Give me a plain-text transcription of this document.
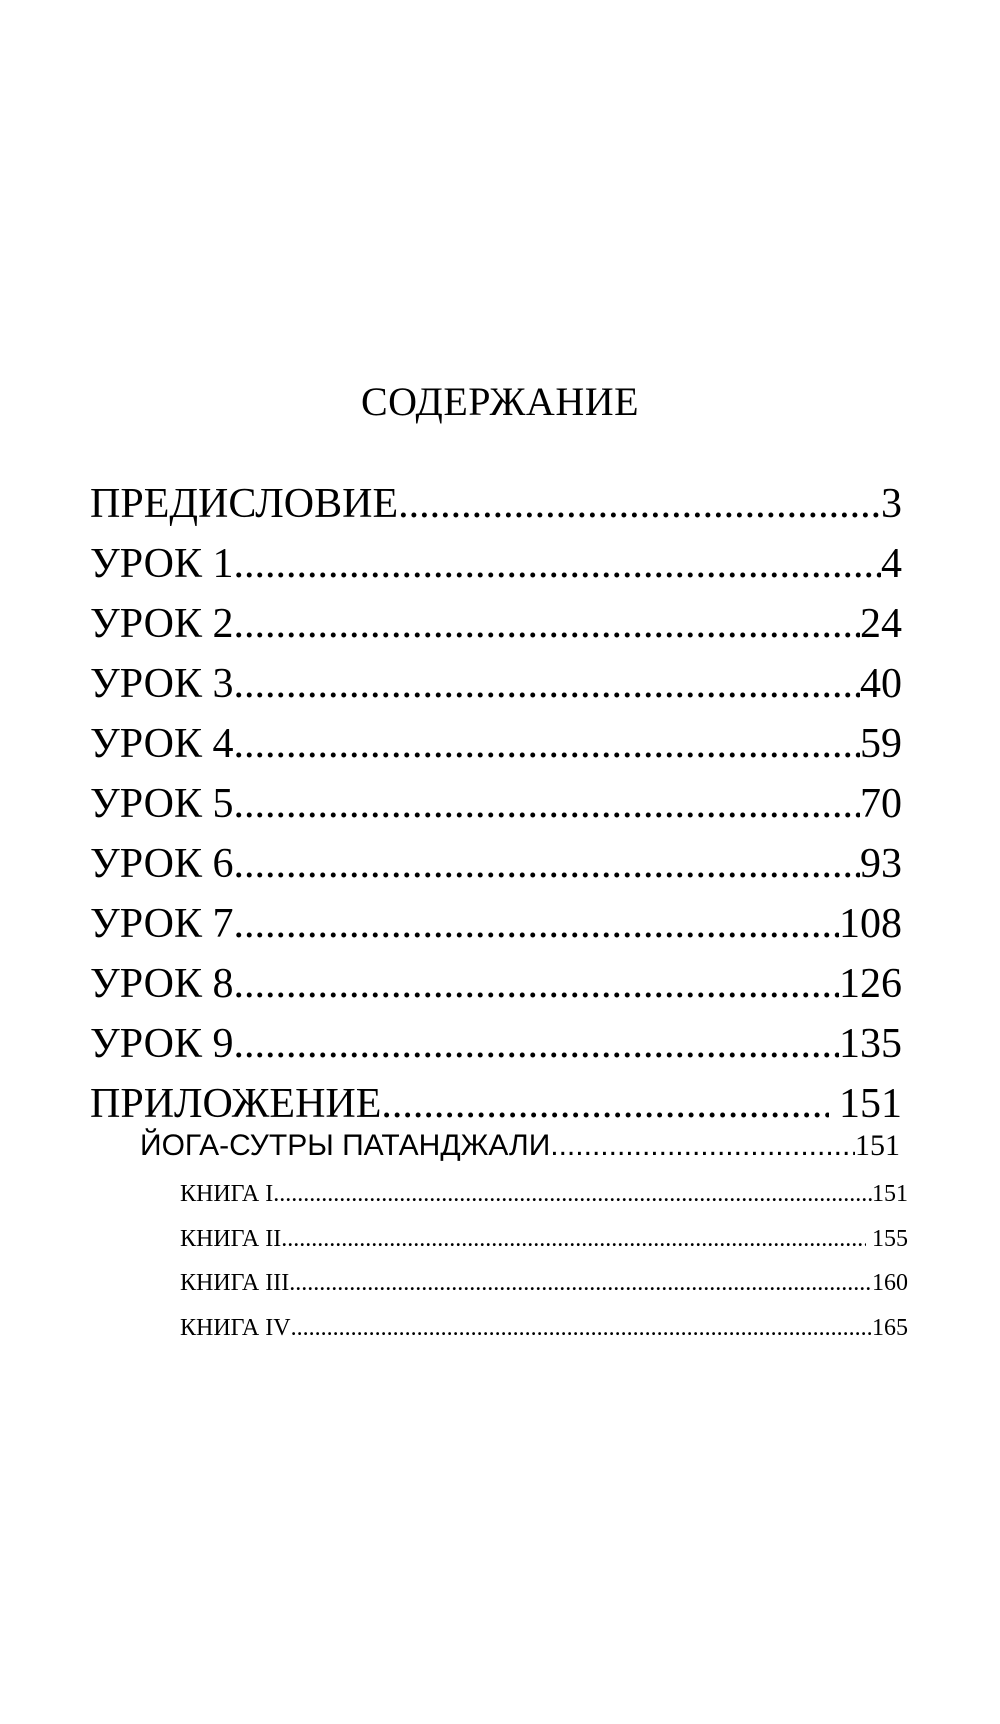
СОДЕРЖАНИЕ
ПРЕДИСЛОВИЕ .....	3
УРОК 1 .....	4
УРОК 2 .....	24
УРОК 3 .....	40
УРОК 4 .....	59
УРОК 5 .....	70
УРОК 6 .....	93
УРОК 7 .....	108
УРОК 8 .....	126
УРОК 9 .....	135
ПРИЛОЖЕНИЕ .....	151
ЙОГА-СУТРЫ ПАТАНДЖАЛИ .....	151
КНИГА I .....	151
КНИГА II .....	155
КНИГА III .....	160
КНИГА IV .....	165
